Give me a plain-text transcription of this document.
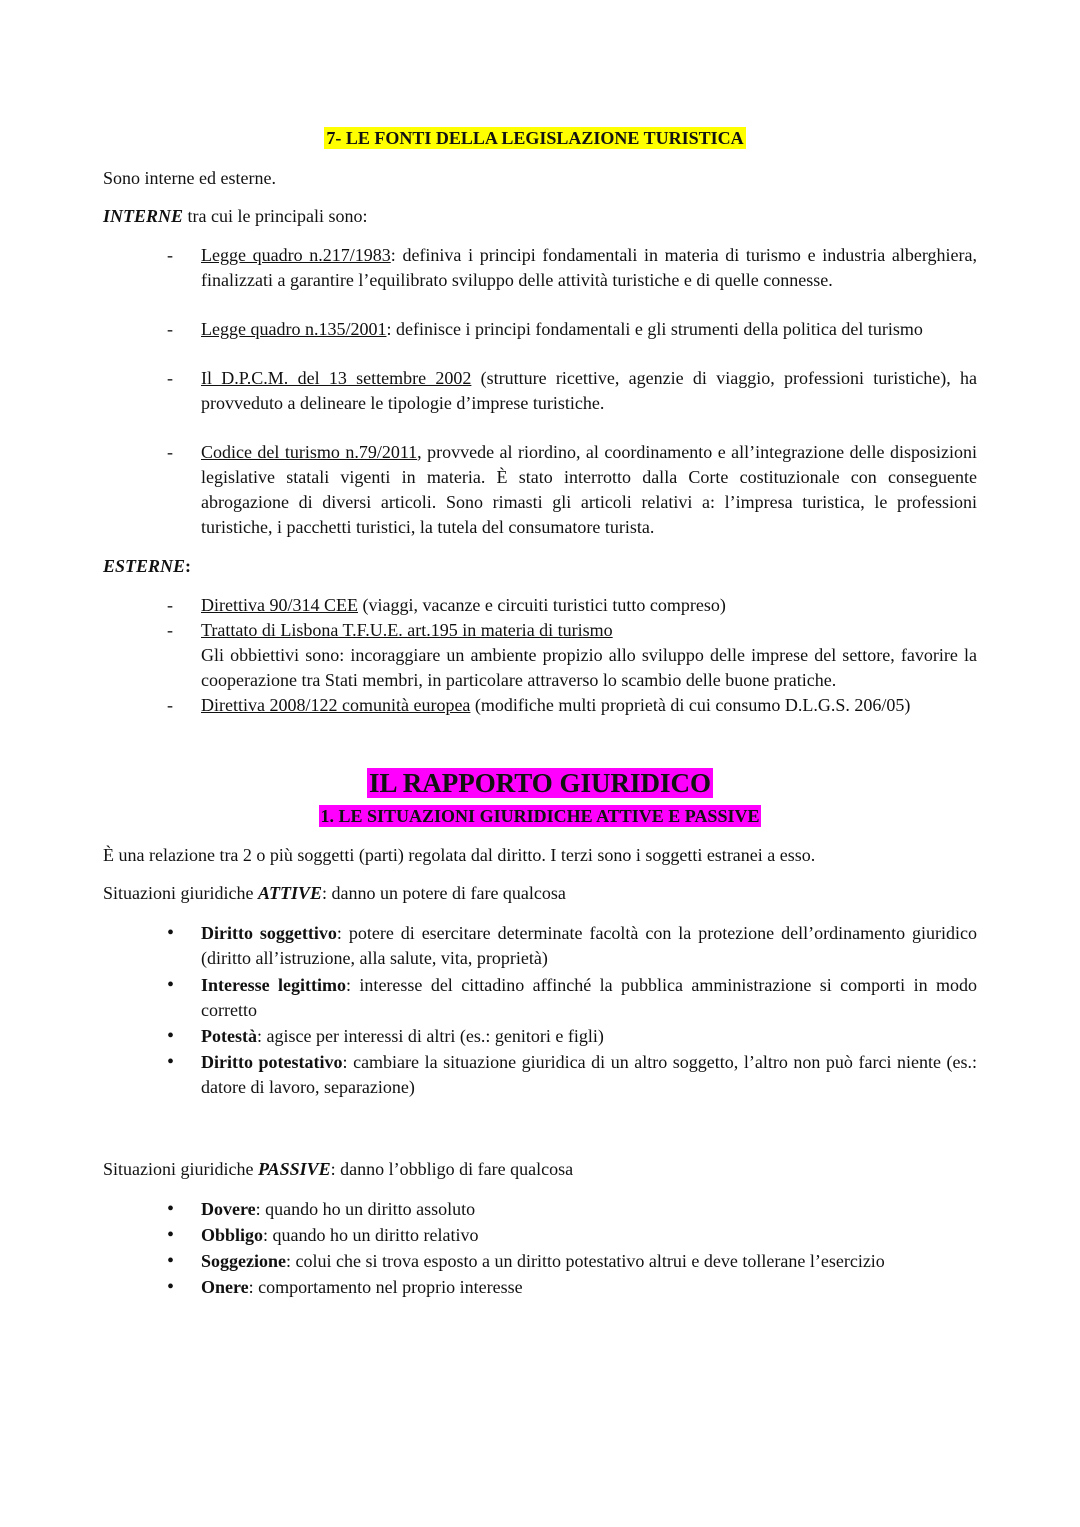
7- LE FONTI DELLA LEGISLAZIONE TURISTICA

Sono interne ed esterne.

INTERNE tra cui le principali sono:

- Legge quadro n.217/1983: definiva i principi fondamentali in materia di turismo e industria alberghiera, finalizzati a garantire l’equilibrato sviluppo delle attività turistiche e di quelle connesse.
- Legge quadro n.135/2001: definisce i principi fondamentali e gli strumenti della politica del turismo
- Il D.P.C.M. del 13 settembre 2002 (strutture ricettive, agenzie di viaggio, professioni turistiche), ha provveduto a delineare le tipologie d’imprese turistiche.
- Codice del turismo n.79/2011, provvede al riordino, al coordinamento e all’integrazione delle disposizioni legislative statali vigenti in materia. È stato interrotto dalla Corte costituzionale con conseguente abrogazione di diversi articoli. Sono rimasti gli articoli relativi a: l’impresa turistica, le professioni turistiche, i pacchetti turistici, la tutela del consumatore turista.

ESTERNE:

- Direttiva 90/314 CEE (viaggi, vacanze e circuiti turistici tutto compreso)
- Trattato di Lisbona T.F.U.E. art.195 in materia di turismo
Gli obbiettivi sono: incoraggiare un ambiente propizio allo sviluppo delle imprese del settore, favorire la cooperazione tra Stati membri, in particolare attraverso lo scambio delle buone pratiche.
- Direttiva 2008/122 comunità europea (modifiche multi proprietà di cui consumo D.L.G.S. 206/05)
IL RAPPORTO GIURIDICO
1. LE SITUAZIONI GIURIDICHE ATTIVE E PASSIVE

È una relazione tra 2 o più soggetti (parti) regolata dal diritto. I terzi sono i soggetti estranei a esso.

Situazioni giuridiche ATTIVE: danno un potere di fare qualcosa

• Diritto soggettivo: potere di esercitare determinate facoltà con la protezione dell’ordinamento giuridico (diritto all’istruzione, alla salute, vita, proprietà)
• Interesse legittimo: interesse del cittadino affinché la pubblica amministrazione si comporti in modo corretto
• Potestà: agisce per interessi di altri (es.: genitori e figli)
• Diritto potestativo: cambiare la situazione giuridica di un altro soggetto, l’altro non può farci niente (es.: datore di lavoro, separazione)

Situazioni giuridiche PASSIVE: danno l’obbligo di fare qualcosa

• Dovere: quando ho un diritto assoluto
• Obbligo: quando ho un diritto relativo
• Soggezione: colui che si trova esposto a un diritto potestativo altrui e deve tollerane l’esercizio
• Onere: comportamento nel proprio interesse
